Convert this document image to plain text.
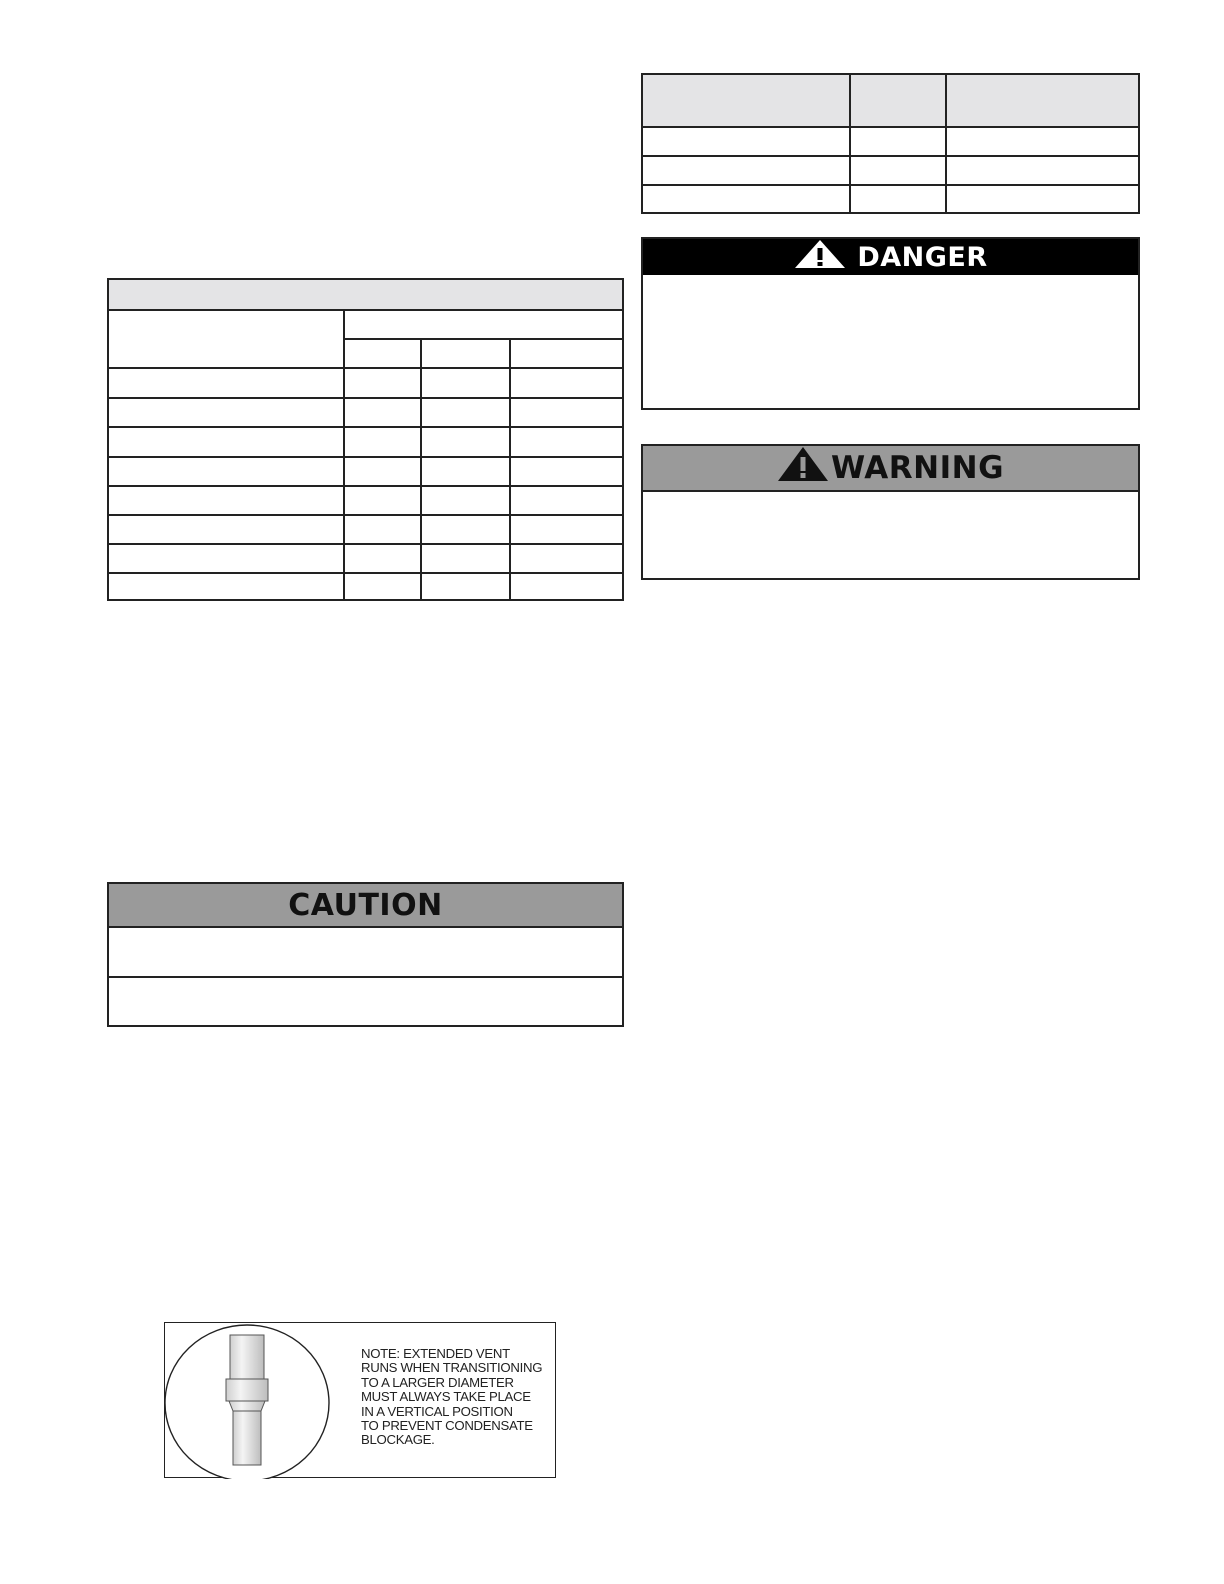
DANGER
WARNING
CAUTION
NOTE: EXTENDED VENT
RUNS WHEN TRANSITIONING
TO A LARGER DIAMETER
MUST ALWAYS TAKE PLACE
IN A VERTICAL POSITION
TO PREVENT CONDENSATE
BLOCKAGE.
